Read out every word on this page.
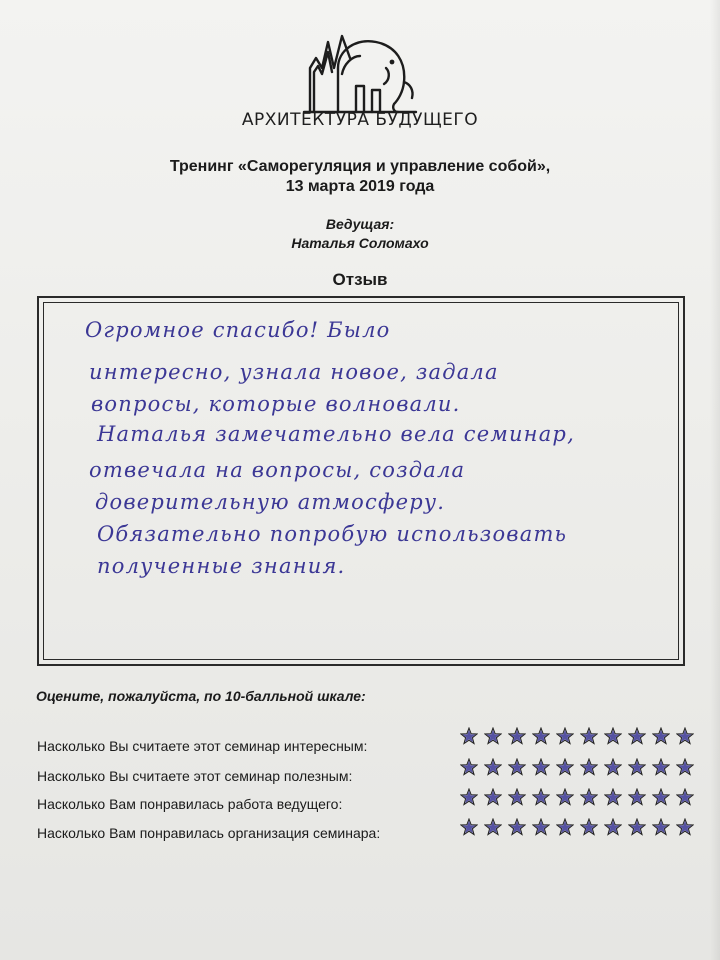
АРХИТЕКТУРА БУДУЩЕГО
Тренинг «Саморегуляция и управление собой»,
13 марта 2019 года
Ведущая:
Наталья Соломахо
Отзыв
Огромное спасибо! Было
интересно, узнала новое, задала
вопросы, которые волновали.
Наталья замечательно вела семинар,
отвечала на вопросы, создала
доверительную атмосферу.
Обязательно попробую использовать
полученные знания.
Оцените, пожалуйста, по 10-балльной шкале:
Насколько Вы считаете этот семинар интересным:
Насколько Вы считаете этот семинар полезным:
Насколько Вам понравилась работа ведущего:
Насколько Вам понравилась организация семинара:
